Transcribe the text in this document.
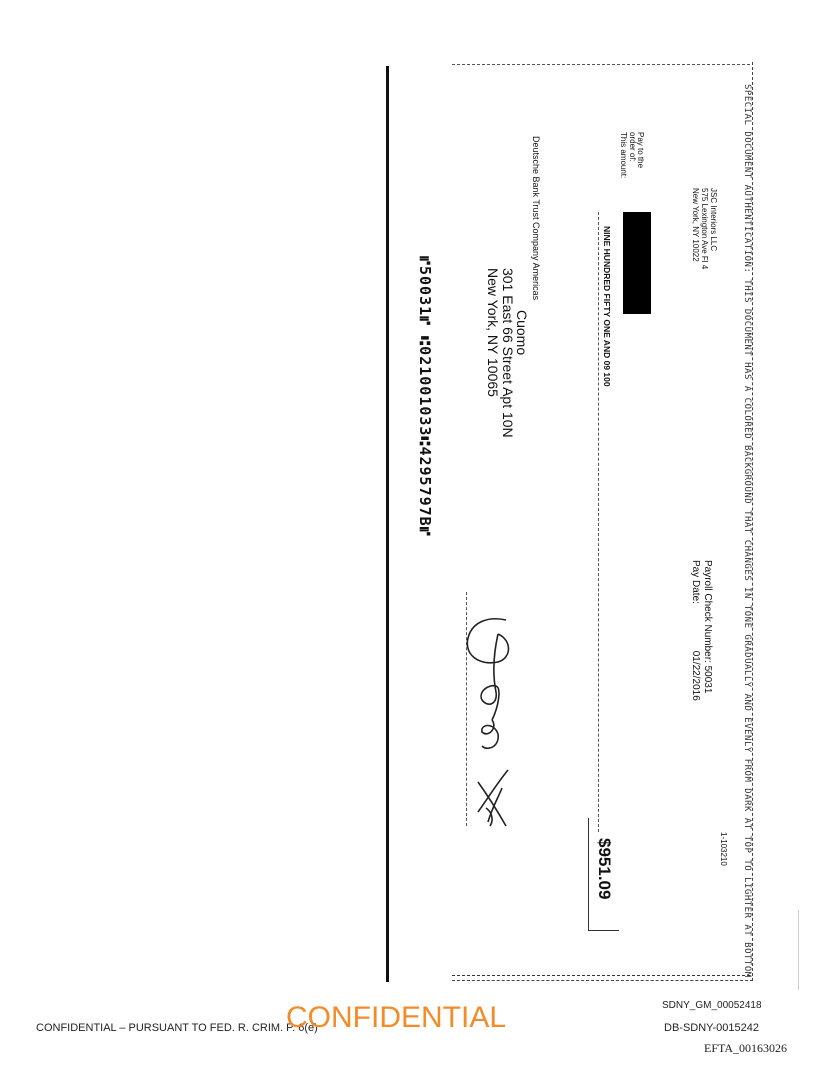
SPECIAL DOCUMENT AUTHENTICATION: THIS DOCUMENT HAS A COLORED BACKGROUND THAT CHANGES IN TONE GRADUALLY AND EVENLY FROM DARK AT TOP TO LIGHTER AT BOTTOM
JSC Interiors LLC
575 Lexington Ave Fl 4
New York, NY 10022
1-103210
Payroll Check Number: 50031
Pay Date: 01/22/2016
Pay to the
order of:
This amount:
NINE HUNDRED FIFTY ONE AND 09 100
$951.09
Deutsche Bank Trust Company Americas
Cuomo
301 East 66 Street Apt 10N
New York, NY 10065
⑈50031⑈ ⑆021001033⑆4295797B⑈
SDNY_GM_00052418
CONFIDENTIAL – PURSUANT TO FED. R. CRIM. P. 6(e)
CONFIDENTIAL	DB-SDNY-0015242
EFTA_00163026
